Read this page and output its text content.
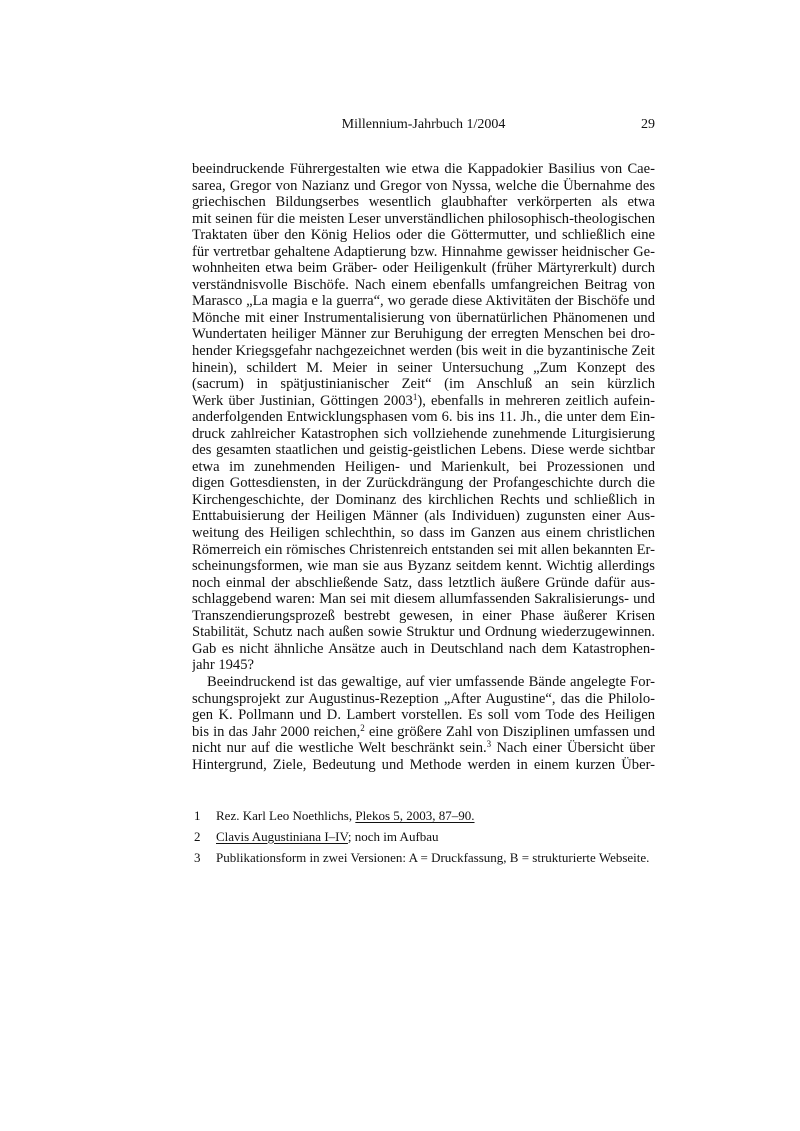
Millennium-Jahrbuch 1/2004	29
beeindruckende Führergestalten wie etwa die Kappadokier Basilius von Cae-
sarea, Gregor von Nazianz und Gregor von Nyssa, welche die Übernahme des
griechischen Bildungserbes wesentlich glaubhafter verkörperten als etwa
mit seinen für die meisten Leser unverständlichen philosophisch-theologischen
Traktaten über den König Helios oder die Göttermutter, und schließlich eine
für vertretbar gehaltene Adaptierung bzw. Hinnahme gewisser heidnischer Ge-
wohnheiten etwa beim Gräber- oder Heiligenkult (früher Märtyrerkult) durch
verständnisvolle Bischöfe. Nach einem ebenfalls umfangreichen Beitrag von
Marasco „La magia e la guerra“, wo gerade diese Aktivitäten der Bischöfe und
Mönche mit einer Instrumentalisierung von übernatürlichen Phänomenen und
Wundertaten heiliger Männer zur Beruhigung der erregten Menschen bei dro-
hender Kriegsgefahr nachgezeichnet werden (bis weit in die byzantinische Zeit
hinein), schildert M. Meier in seiner Untersuchung „Zum Konzept des
(sacrum) in spätjustinianischer Zeit“ (im Anschluß an sein kürzlich
Werk über Justinian, Göttingen 2003$^1$), ebenfalls in mehreren zeitlich aufein-
anderfolgenden Entwicklungsphasen vom 6. bis ins 11. Jh., die unter dem Ein-
druck zahlreicher Katastrophen sich vollziehende zunehmende Liturgisierung
des gesamten staatlichen und geistig-geistlichen Lebens. Diese werde sichtbar
etwa im zunehmenden Heiligen- und Marienkult, bei Prozessionen und
digen Gottesdiensten, in der Zurückdrängung der Profangeschichte durch die
Kirchengeschichte, der Dominanz des kirchlichen Rechts und schließlich in
Enttabuisierung der Heiligen Männer (als Individuen) zugunsten einer Aus-
weitung des Heiligen schlechthin, so dass im Ganzen aus einem christlichen
Römerreich ein römisches Christenreich entstanden sei mit allen bekannten Er-
scheinungsformen, wie man sie aus Byzanz seitdem kennt. Wichtig allerdings
noch einmal der abschließende Satz, dass letztlich äußere Gründe dafür aus-
schlaggebend waren: Man sei mit diesem allumfassenden Sakralisierungs- und
Transzendierungsprozeß bestrebt gewesen, in einer Phase äußerer Krisen
Stabilität, Schutz nach außen sowie Struktur und Ordnung wiederzugewinnen.
Gab es nicht ähnliche Ansätze auch in Deutschland nach dem Katastrophen-
jahr 1945?
Beeindruckend ist das gewaltige, auf vier umfassende Bände angelegte For-
schungsprojekt zur Augustinus-Rezeption „After Augustine“, das die Philolo-
gen K. Pollmann und D. Lambert vorstellen. Es soll vom Tode des Heiligen
bis in das Jahr 2000 reichen,$^2$ eine größere Zahl von Disziplinen umfassen und
nicht nur auf die westliche Welt beschränkt sein.$^3$ Nach einer Übersicht über
Hintergrund, Ziele, Bedeutung und Methode werden in einem kurzen Über-
1	Rez. Karl Leo Noethlichs, Plekos 5, 2003, 87–90.
2	Clavis Augustiniana I–IV; noch im Aufbau
3	Publikationsform in zwei Versionen: A = Druckfassung, B = strukturierte Webseite.
